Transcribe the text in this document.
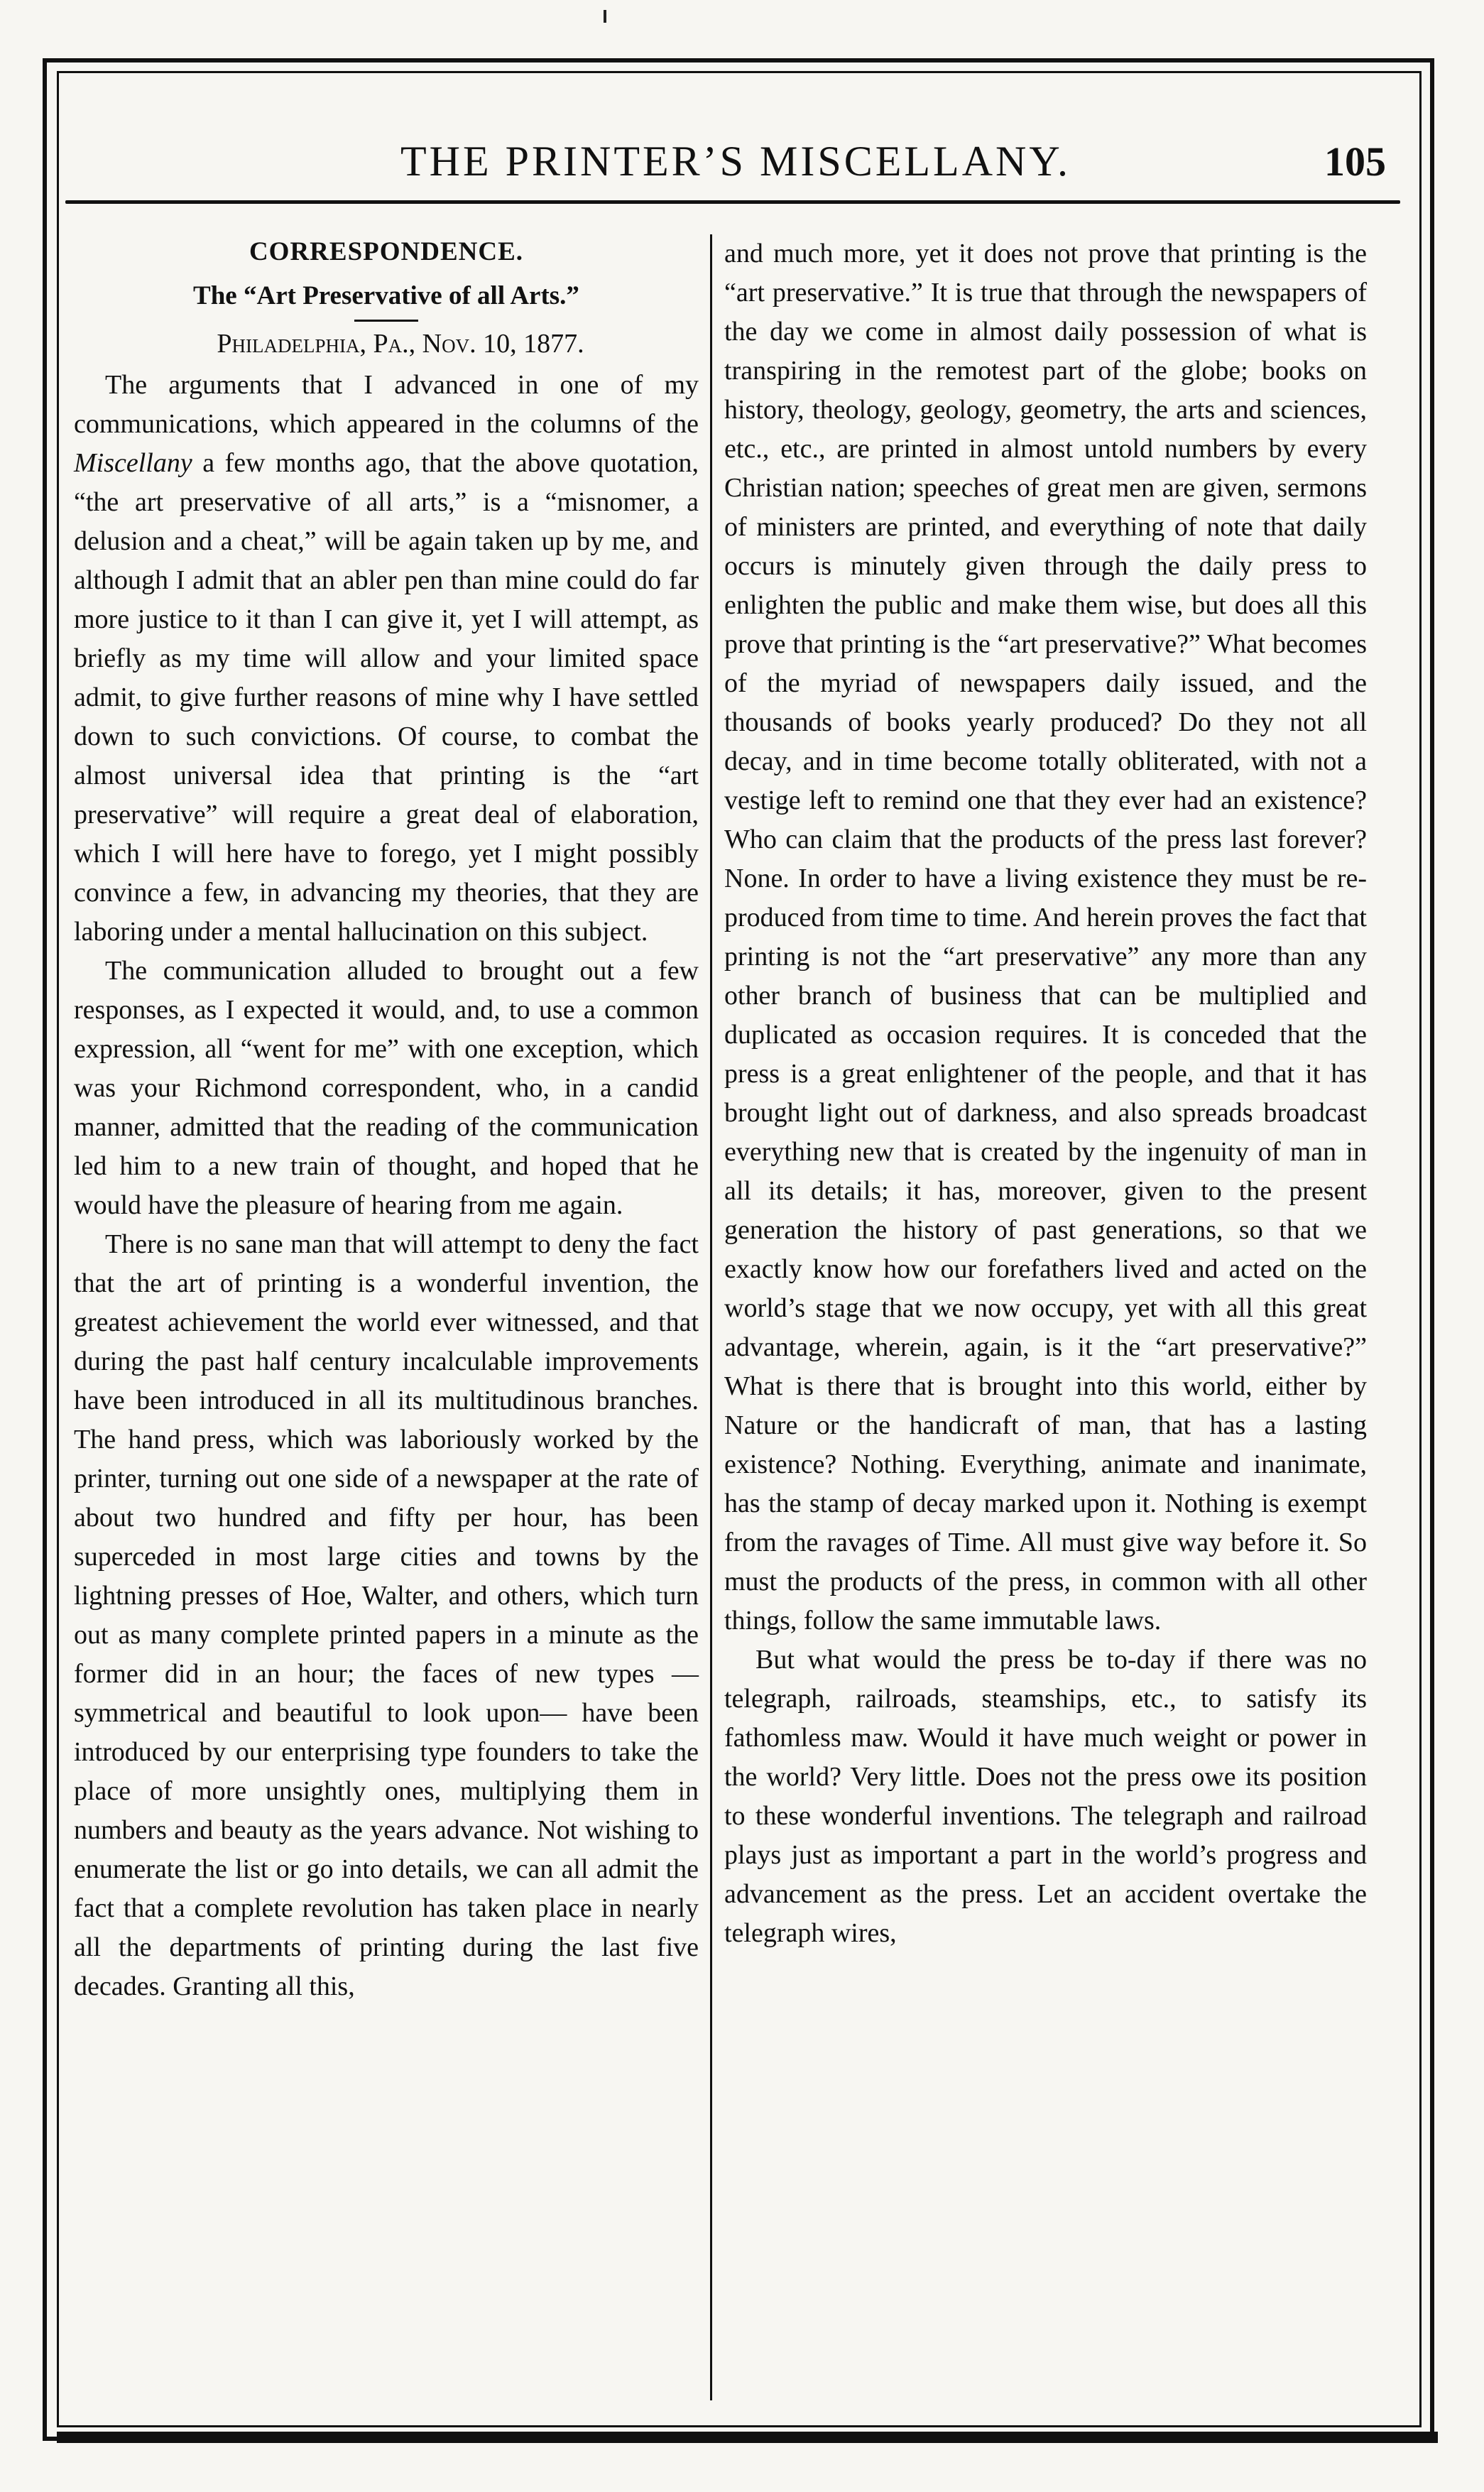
THE PRINTER’S MISCELLANY.	105
CORRESPONDENCE.
The “Art Preservative of all Arts.”
Philadelphia, Pa., Nov. 10, 1877.

The arguments that I advanced in one of my communications, which appeared in the columns of the Miscellany a few months ago, that the above quotation, “the art preservative of all arts,” is a “misnomer, a delusion and a cheat,” will be again taken up by me, and although I admit that an abler pen than mine could do far more justice to it than I can give it, yet I will attempt, as briefly as my time will allow and your limited space admit, to give further reasons of mine why I have settled down to such convictions. Of course, to combat the almost universal idea that printing is the “art preservative” will require a great deal of elaboration, which I will here have to forego, yet I might possibly convince a few, in advancing my theories, that they are laboring under a mental hallucination on this subject.

The communication alluded to brought out a few responses, as I expected it would, and, to use a common expression, all “went for me” with one exception, which was your Richmond correspondent, who, in a candid manner, admitted that the reading of the communication led him to a new train of thought, and hoped that he would have the pleasure of hearing from me again.

There is no sane man that will attempt to deny the fact that the art of printing is a wonderful invention, the greatest achievement the world ever witnessed, and that during the past half century incalculable improvements have been introduced in all its multitudinous branches. The hand press, which was laboriously worked by the printer, turning out one side of a newspaper at the rate of about two hundred and fifty per hour, has been superceded in most large cities and towns by the lightning presses of Hoe, Walter, and others, which turn out as many complete printed papers in a minute as the former did in an hour; the faces of new types —symmetrical and beautiful to look upon— have been introduced by our enterprising type founders to take the place of more unsightly ones, multiplying them in numbers and beauty as the years advance. Not wishing to enumerate the list or go into details, we can all admit the fact that a complete revolution has taken place in nearly all the departments of printing during the last five decades. Granting all this,

and much more, yet it does not prove that printing is the “art preservative.” It is true that through the newspapers of the day we come in almost daily possession of what is transpiring in the remotest part of the globe; books on history, theology, geology, geometry, the arts and sciences, etc., etc., are printed in almost untold numbers by every Christian nation; speeches of great men are given, sermons of ministers are printed, and everything of note that daily occurs is minutely given through the daily press to enlighten the public and make them wise, but does all this prove that printing is the “art preservative?” What becomes of the myriad of newspapers daily issued, and the thousands of books yearly produced? Do they not all decay, and in time become totally obliterated, with not a vestige left to remind one that they ever had an existence? Who can claim that the products of the press last forever? None. In order to have a living existence they must be re-produced from time to time. And herein proves the fact that printing is not the “art preservative” any more than any other branch of business that can be multiplied and duplicated as occasion requires. It is conceded that the press is a great enlightener of the people, and that it has brought light out of darkness, and also spreads broadcast everything new that is created by the ingenuity of man in all its details; it has, moreover, given to the present generation the history of past generations, so that we exactly know how our forefathers lived and acted on the world’s stage that we now occupy, yet with all this great advantage, wherein, again, is it the “art preservative?” What is there that is brought into this world, either by Nature or the handicraft of man, that has a lasting existence? Nothing. Everything, animate and inanimate, has the stamp of decay marked upon it. Nothing is exempt from the ravages of Time. All must give way before it. So must the products of the press, in common with all other things, follow the same immutable laws.

But what would the press be to-day if there was no telegraph, railroads, steamships, etc., to satisfy its fathomless maw. Would it have much weight or power in the world? Very little. Does not the press owe its position to these wonderful inventions. The telegraph and railroad plays just as important a part in the world’s progress and advancement as the press. Let an accident overtake the telegraph wires,
